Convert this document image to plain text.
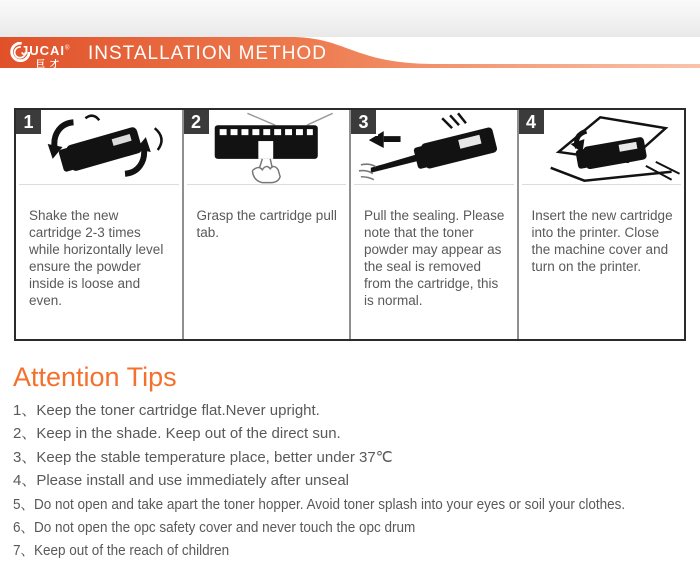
INSTALLATION METHOD
JUCAI®
巨才
1
Shake the new cartridge 2-3 times while horizontally level ensure the powder inside is loose and even.
2
Grasp the cartridge pull tab.
3
Pull the sealing. Please note that the toner powder may appear as the seal is removed from the cartridge, this is normal.
4
Insert the new cartridge into the printer. Close the machine cover and turn on the printer.
Attention Tips
1、 Keep the toner cartridge flat.Never upright.
2、 Keep in the shade. Keep out of the direct sun.
3、 Keep the stable temperature place, better under 37℃
4、 Please install and use immediately after unseal
5、 Do not open and take apart the toner hopper. Avoid toner splash into your eyes or soil your clothes.
6、 Do not open the opc safety cover and never touch the opc drum
7、 Keep out of the reach of children
